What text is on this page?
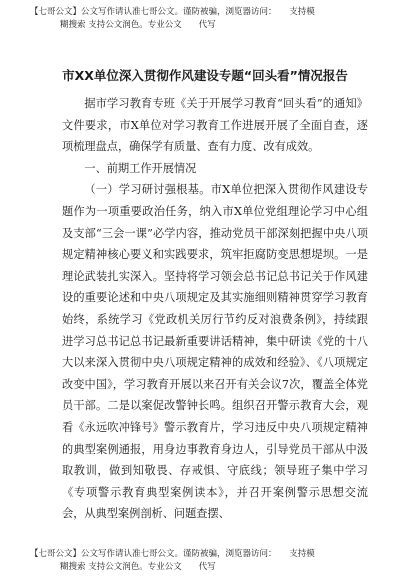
【七哥公文】公文写作请认准七哥公文。谨防被骗，浏览器访问：　　支持模
糊搜索 支持公文润色。专业公文　　代写
市XX单位深入贯彻作风建设专题“回头看”情况报告

据市学习教育专班《关于开展学习教育“回头看”的通知》文件要求，市X单位对学习教育工作进展开展了全面自查，逐项梳理盘点，确保学有质量、查有力度、改有成效。

一、前期工作开展情况

（一）学习研讨强根基。市X单位把深入贯彻作风建设专题作为一项重要政治任务，纳入市X单位党组理论学习中心组及支部“三会一课”必学内容，推动党员干部深刻把握中央八项规定精神核心要义和实践要求，筑牢拒腐防变思想堤坝。一是理论武装扎实深入。坚持将学习领会总书记总书记关于作风建设的重要论述和中央八项规定及其实施细则精神贯穿学习教育始终，系统学习《党政机关厉行节约反对浪费条例》，持续跟进学习总书记总书记最新重要讲话精神，集中研读《党的十八大以来深入贯彻中央八项规定精神的成效和经验》、《八项规定改变中国》，学习教育开展以来召开有关会议7次，覆盖全体党员干部。二是以案促改警钟长鸣。组织召开警示教育大会，观看《永远吹冲锋号》警示教育片，学习违反中央八项规定精神的典型案例通报，用身边事教育身边人，引导党员干部从中汲取教训，做到知敬畏、存戒惧、守底线；领导班子集中学习《专项警示教育典型案例读本》，并召开案例警示思想交流会，从典型案例剖析、问题查摆、

【七哥公文】公文写作请认准七哥公文。谨防被骗，浏览器访问：　　支持模
糊搜索 支持公文润色。专业公文　　代写
